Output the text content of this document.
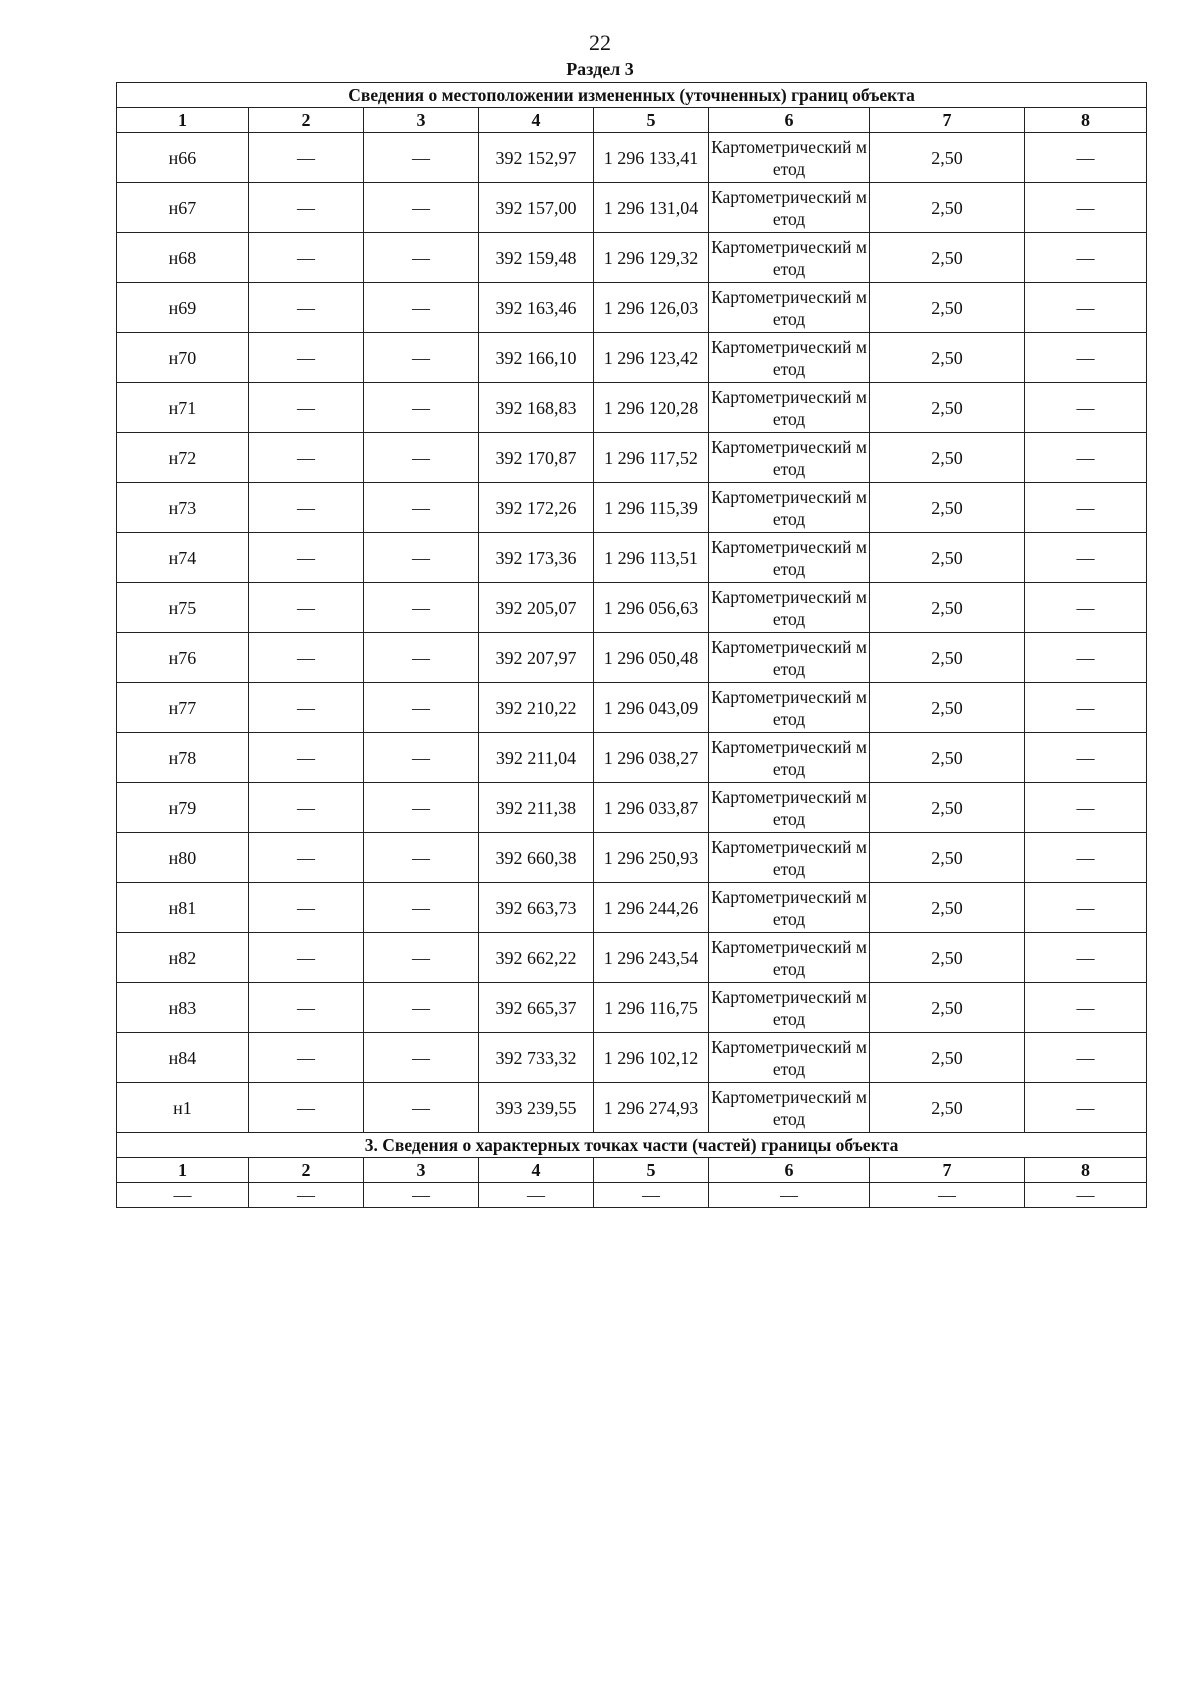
22
Раздел 3
Сведения о местоположении измененных (уточненных) границ объекта							
1	2	3	4	5	6	7	8
н66	—	—	392 152,97	1 296 133,41	Картометрический метод	2,50	—
н67	—	—	392 157,00	1 296 131,04	Картометрический метод	2,50	—
н68	—	—	392 159,48	1 296 129,32	Картометрический метод	2,50	—
н69	—	—	392 163,46	1 296 126,03	Картометрический метод	2,50	—
н70	—	—	392 166,10	1 296 123,42	Картометрический метод	2,50	—
н71	—	—	392 168,83	1 296 120,28	Картометрический метод	2,50	—
н72	—	—	392 170,87	1 296 117,52	Картометрический метод	2,50	—
н73	—	—	392 172,26	1 296 115,39	Картометрический метод	2,50	—
н74	—	—	392 173,36	1 296 113,51	Картометрический метод	2,50	—
н75	—	—	392 205,07	1 296 056,63	Картометрический метод	2,50	—
н76	—	—	392 207,97	1 296 050,48	Картометрический метод	2,50	—
н77	—	—	392 210,22	1 296 043,09	Картометрический метод	2,50	—
н78	—	—	392 211,04	1 296 038,27	Картометрический метод	2,50	—
н79	—	—	392 211,38	1 296 033,87	Картометрический метод	2,50	—
н80	—	—	392 660,38	1 296 250,93	Картометрический метод	2,50	—
н81	—	—	392 663,73	1 296 244,26	Картометрический метод	2,50	—
н82	—	—	392 662,22	1 296 243,54	Картометрический метод	2,50	—
н83	—	—	392 665,37	1 296 116,75	Картометрический метод	2,50	—
н84	—	—	392 733,32	1 296 102,12	Картометрический метод	2,50	—
н1	—	—	393 239,55	1 296 274,93	Картометрический метод	2,50	—
3. Сведения о характерных точках части (частей) границы объекта							
1	2	3	4	5	6	7	8
—	—	—	—	—	—	—	—
